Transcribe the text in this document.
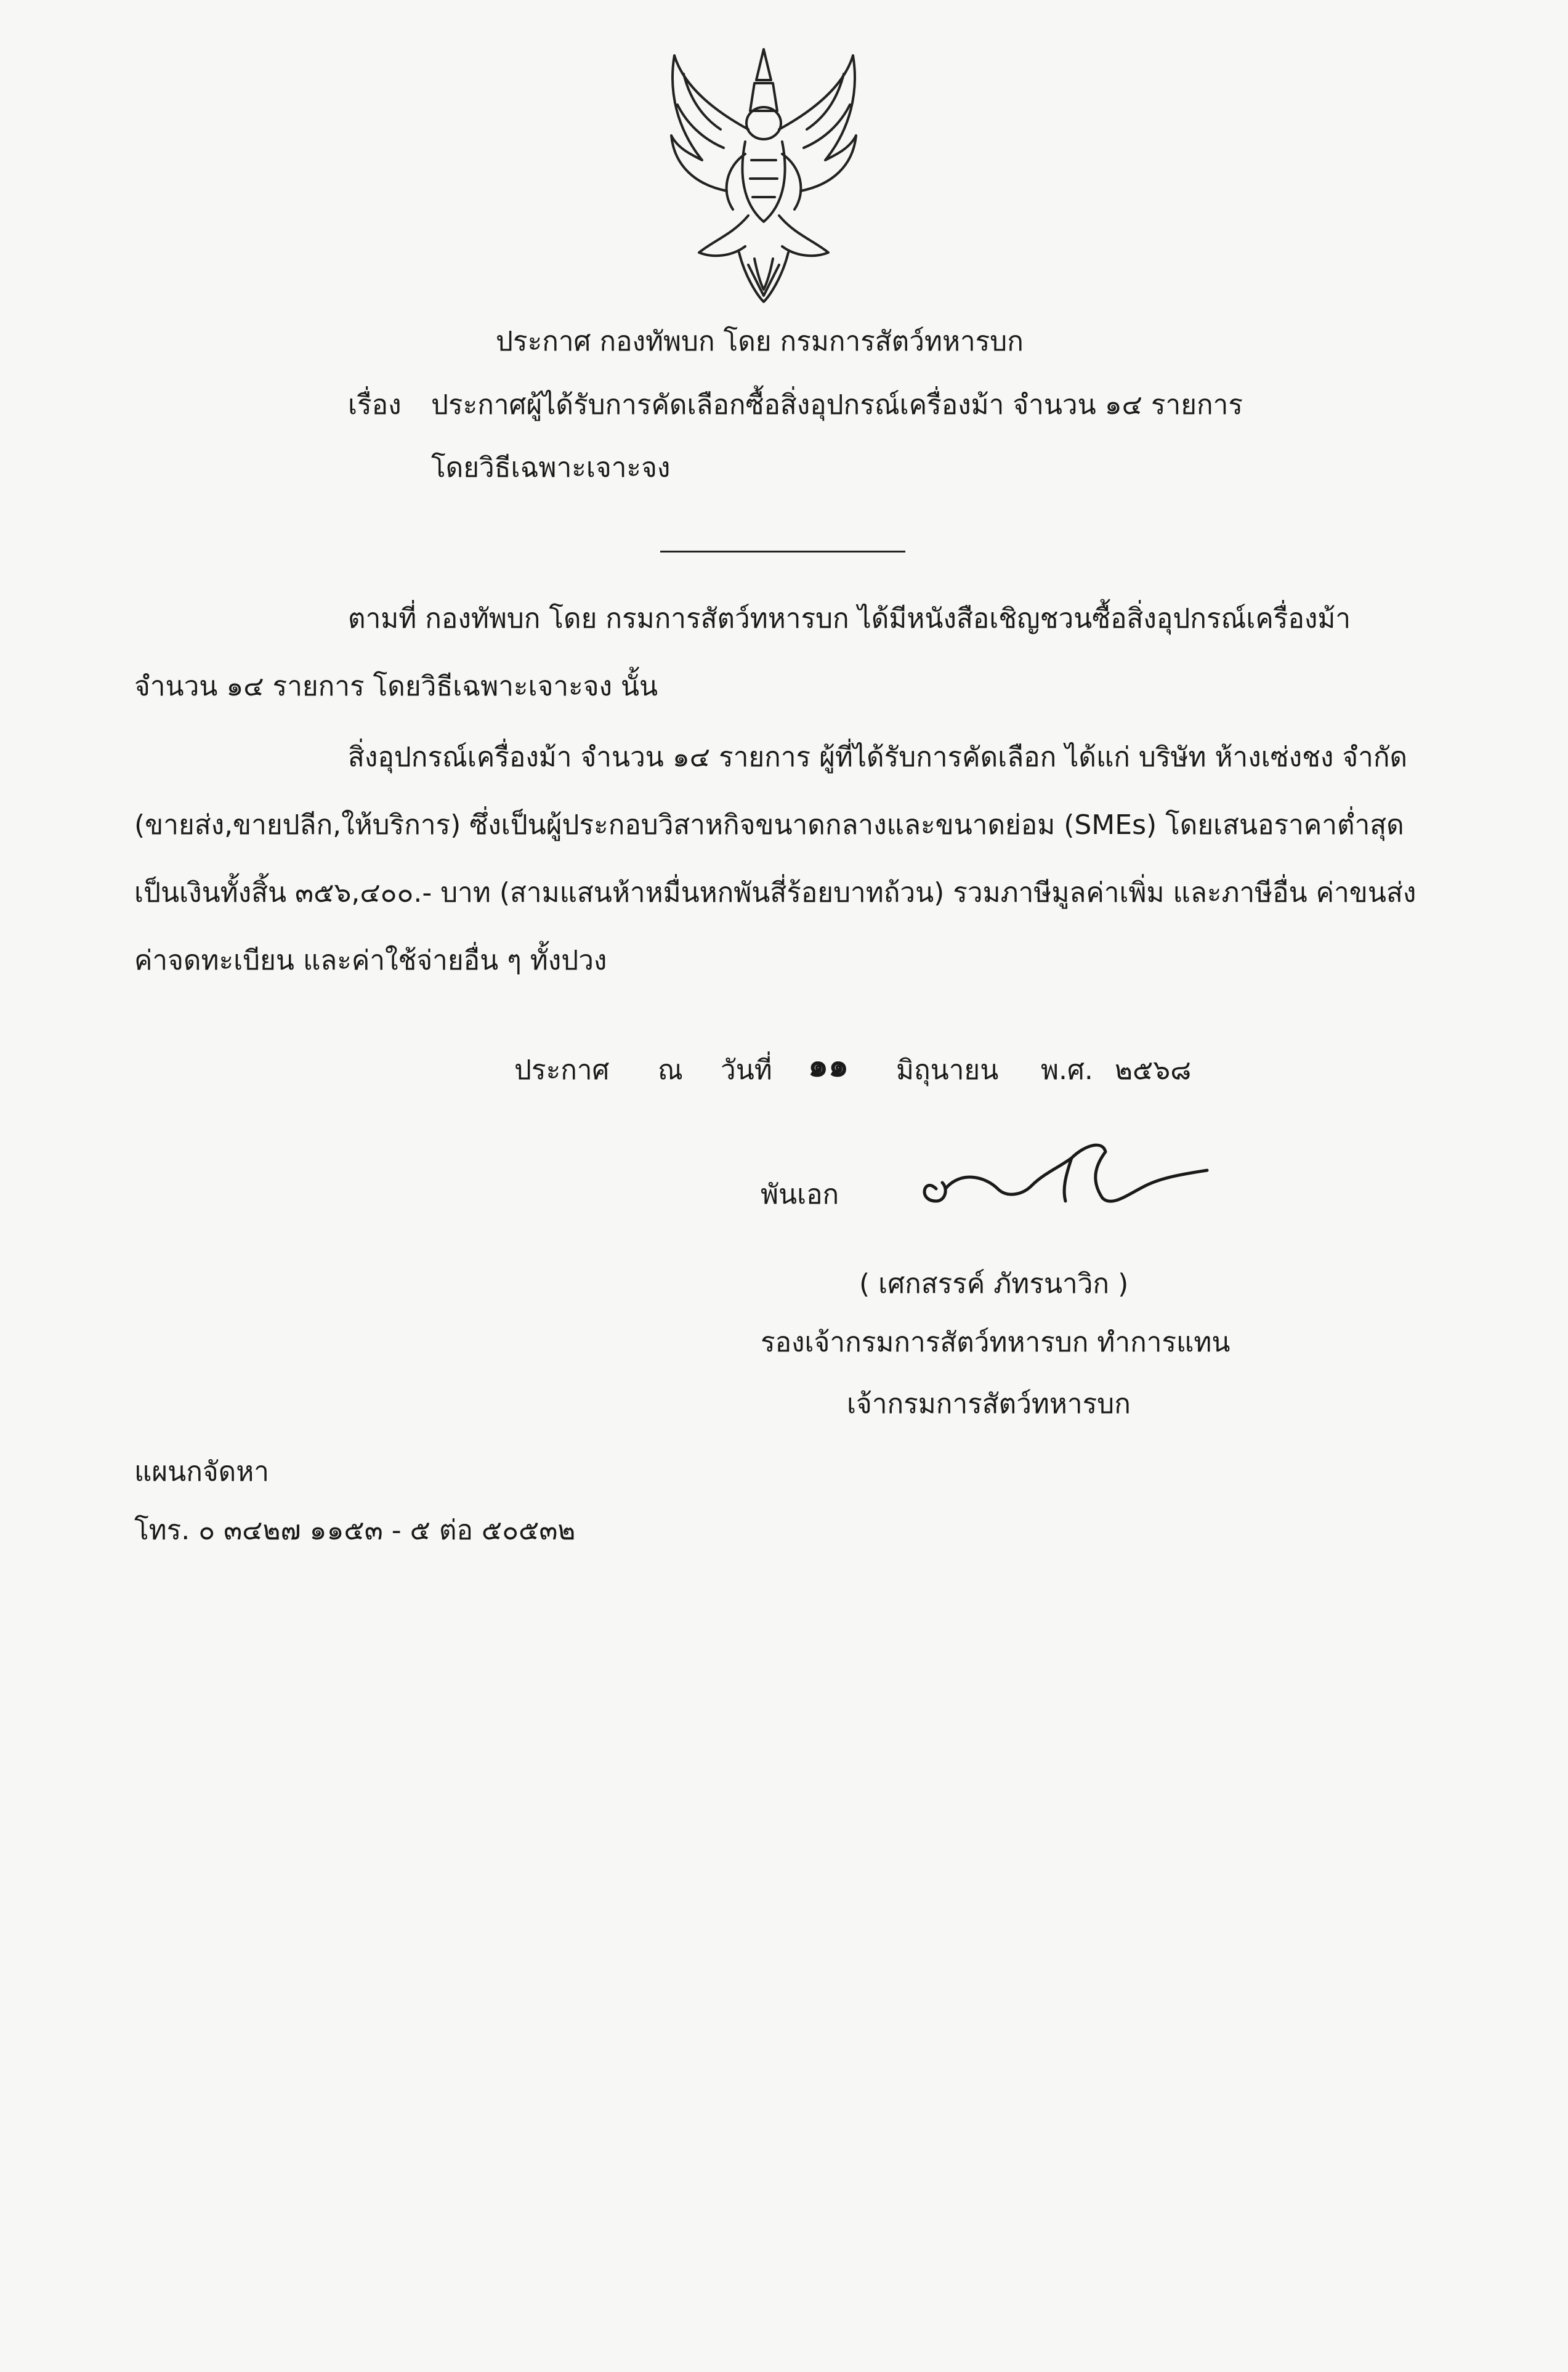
ประกาศ กองทัพบก โดย กรมการสัตว์ทหารบก
เรื่อง ประกาศผู้ได้รับการคัดเลือกซื้อสิ่งอุปกรณ์เครื่องม้า จำนวน ๑๔ รายการ
โดยวิธีเฉพาะเจาะจง
ตามที่ กองทัพบก โดย กรมการสัตว์ทหารบก ได้มีหนังสือเชิญชวนซื้อสิ่งอุปกรณ์เครื่องม้า
จำนวน ๑๔ รายการ โดยวิธีเฉพาะเจาะจง นั้น
สิ่งอุปกรณ์เครื่องม้า จำนวน ๑๔ รายการ ผู้ที่ได้รับการคัดเลือก ได้แก่ บริษัท ห้างเซ่งชง จำกัด
(ขายส่ง,ขายปลีก,ให้บริการ) ซึ่งเป็นผู้ประกอบวิสาหกิจขนาดกลางและขนาดย่อม (SMEs) โดยเสนอราคาต่ำสุด
เป็นเงินทั้งสิ้น ๓๕๖,๔๐๐.- บาท (สามแสนห้าหมื่นหกพันสี่ร้อยบาทถ้วน) รวมภาษีมูลค่าเพิ่ม และภาษีอื่น ค่าขนส่ง
ค่าจดทะเบียน และค่าใช้จ่ายอื่น ๆ ทั้งปวง
ประกาศ ณ วันที่ ๑๑ มิถุนายน พ.ศ. ๒๕๖๘
พันเอก
( เศกสรรค์ ภัทรนาวิก )
รองเจ้ากรมการสัตว์ทหารบก ทำการแทน
เจ้ากรมการสัตว์ทหารบก
แผนกจัดหา
โทร. ๐ ๓๔๒๗ ๑๑๕๓ - ๕ ต่อ ๕๐๕๓๒
